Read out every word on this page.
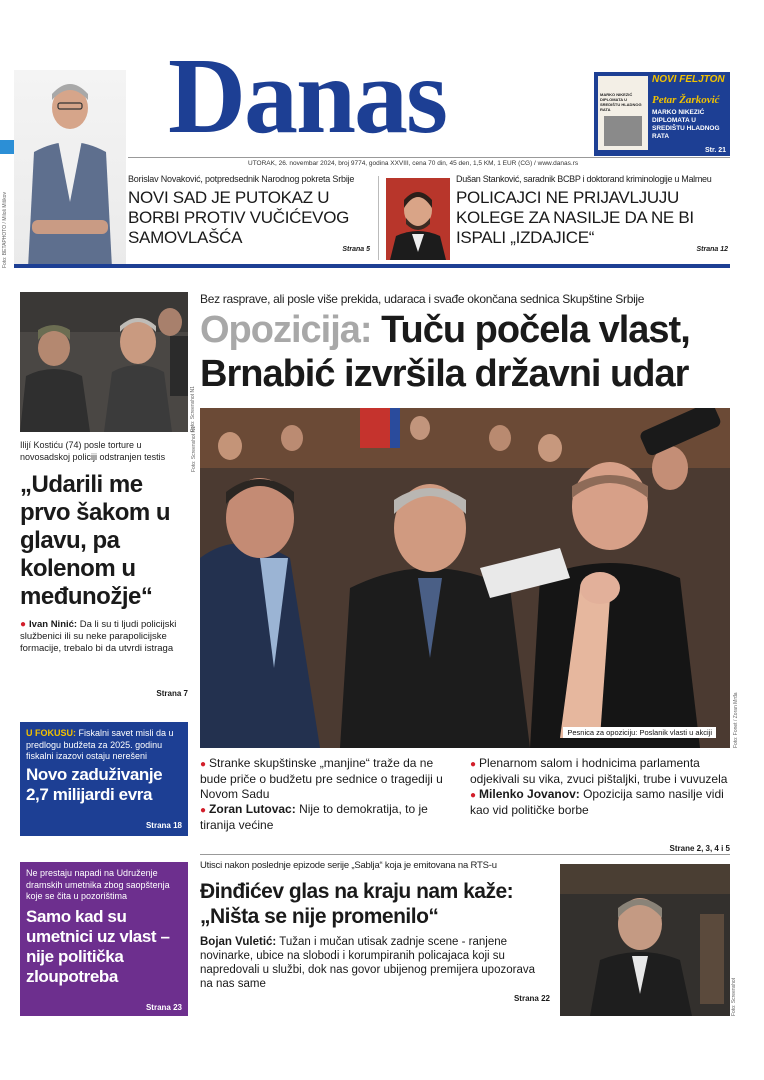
Foto: BETAPHOTO / Miloš Miškov
Danas	MARKO NIKEZIĆ DIPLOMATA U SREDIŠTU HLADNOG RATA
NOVI FELJTON
Petar Žarković
MARKO NIKEZIĆ DIPLOMATA U SREDIŠTU HLADNOG RATA
Str. 21
UTORAK, 26. novembar 2024, broj 9774, godina XXVIII, cena 70 din, 45 den, 1,5 KM, 1 EUR (CG) / www.danas.rs
Borislav Novaković, potpredsednik Narodnog pokreta Srbije
NOVI SAD JE PUTOKAZ U BORBI PROTIV VUČIĆEVOG SAMOVLAŠĆA
Strana 5
Dušan Stanković, saradnik BCBP i doktorand kriminologije u Malmeu
POLICAJCI NE PRIJAVLJUJU KOLEGE ZA NASILJE DA NE BI ISPALI „IZDAJICE“
Strana 12
Foto: Screenshot N1
Ilijí Kostiću (74) posle torture u novosadskoj policiji odstranjen testis
„Udarili me prvo šakom u glavu, pa kolenom u međunožje“
● Ivan Ninić: Da li su ti ljudi policijski službenici ili su neke parapolicijske formacije, trebalo bi da utvrdi istraga
Strana 7
U FOKUSU: Fiskalni savet misli da u predlogu budžeta za 2025. godinu fiskalni izazovi ostaju nerešeni
Novo zaduživanje 2,7 milijardi evra
Strana 18
Ne prestaju napadi na Udruženje dramskih umetnika zbog saopštenja koje se čita u pozorištima
Samo kad su umetnici uz vlast – nije politička zloupotreba
Strana 23
Bez rasprave, ali posle više prekida, udaraca i svađe okončana sednica Skupštine Srbije
Opozicija: Tuču počela vlast,
Brnabić izvršila državni udar
Pesnica za opoziciju: Poslanik vlasti u akciji
Foto: Screenshot N1
Foto: Fonet / Zoran Mrđa
● Stranke skupštinske „manjine“ traže da ne bude priče o budžetu pre sednice o tragediji u Novom Sadu
● Zoran Lutovac: Nije to demokratija, to je tiranija većine
● Plenarnom salom i hodnicima parlamenta odjekivali su vika, zvuci pištaljki, trube i vuvuzela
● Milenko Jovanov: Opozicija samo nasilje vidi kao vid političke borbe
Strane 2, 3, 4 i 5
Utisci nakon poslednje epizode serije „Sablja“ koja je emitovana na RTS-u
Đinđićev glas na kraju nam kaže: „Ništa se nije promenilo“
Bojan Vuletić: Tužan i mučan utisak zadnje scene - ranjene novinarke, ubice na slobodi i korumpiranih policajaca koji su napredovali u službi, dok nas govor ubijenog premijera upozorava na nas same
Strana 22	Foto: Screenshot
